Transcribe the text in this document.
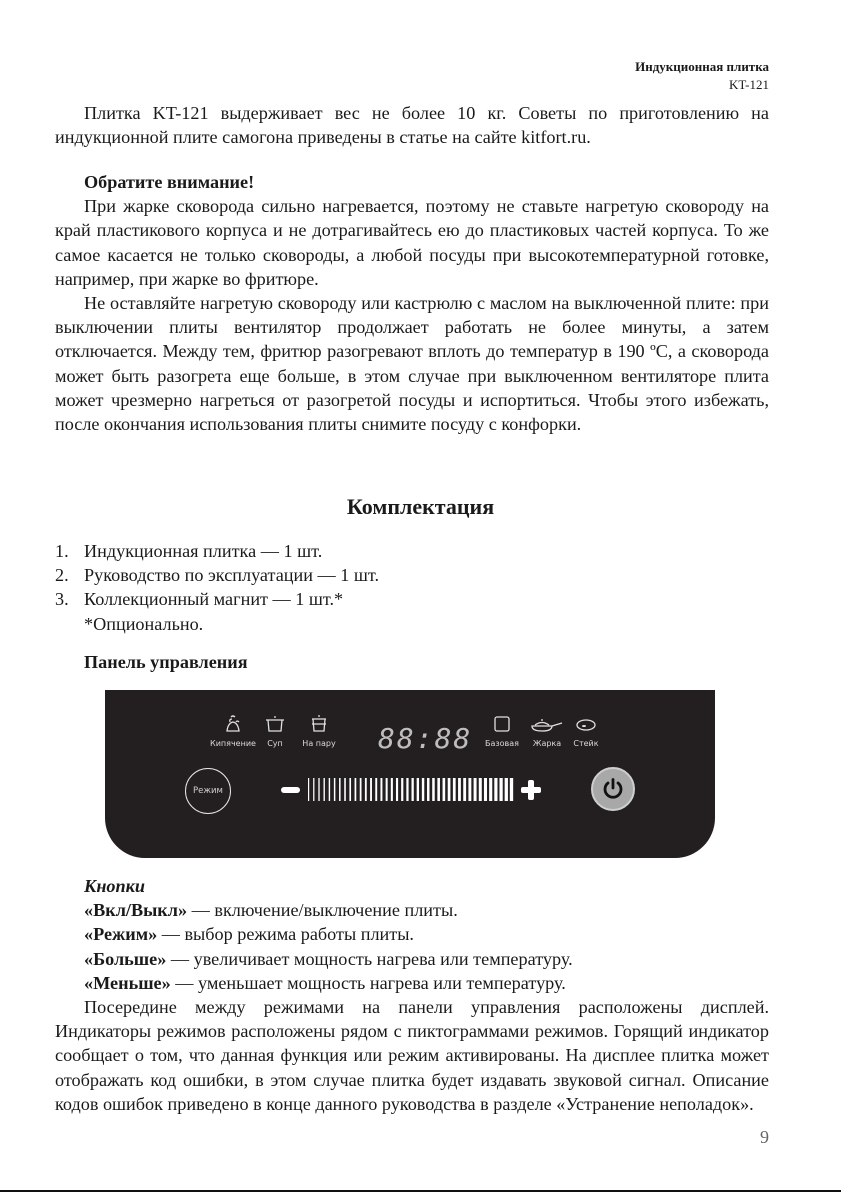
Индукционная плитка
KT-121

Плитка KT-121 выдерживает вес не более 10 кг. Советы по приготовлению на индукционной плите самогона приведены в статье на сайте kitfort.ru.

Обратите внимание!

При жарке сковорода сильно нагревается, поэтому не ставьте нагретую сковороду на край пластикового корпуса и не дотрагивайтесь ею до пластиковых частей корпуса. То же самое касается не только сковороды, а любой посуды при высокотемпературной готовке, например, при жарке во фритюре.

Не оставляйте нагретую сковороду или кастрюлю с маслом на выключенной плите: при выключении плиты вентилятор продолжает работать не более минуты, а затем отключается. Между тем, фритюр разогревают вплоть до температур в 190 ºC, а сковорода может быть разогрета еще больше, в этом случае при выключенном вентиляторе плита может чрезмерно нагреться от разогретой посуды и испортиться. Чтобы этого избежать, после окончания использования плиты снимите посуду с конфорки.

Комплектация
1. Индукционная плитка — 1 шт.
2. Руководство по эксплуатации — 1 шт.
3. Коллекционный магнит — 1 шт.*
*Опционально.
Панель управления
Кипячение	Суп	На пару	88:88	Базовая	Жарка	Стейк
Режим
Кнопки
«Вкл/Выкл» — включение/выключение плиты.
«Режим» — выбор режима работы плиты.
«Больше» — увеличивает мощность нагрева или температуру.
«Меньше» — уменьшает мощность нагрева или температуру.

Посередине между режимами на панели управления расположены дисплей. Индикаторы режимов расположены рядом с пиктограммами режимов. Горящий индикатор сообщает о том, что данная функция или режим активированы. На дисплее плитка может отображать код ошибки, в этом случае плитка будет издавать звуковой сигнал. Описание кодов ошибок приведено в конце данного руководства в разделе «Устранение неполадок».

9
